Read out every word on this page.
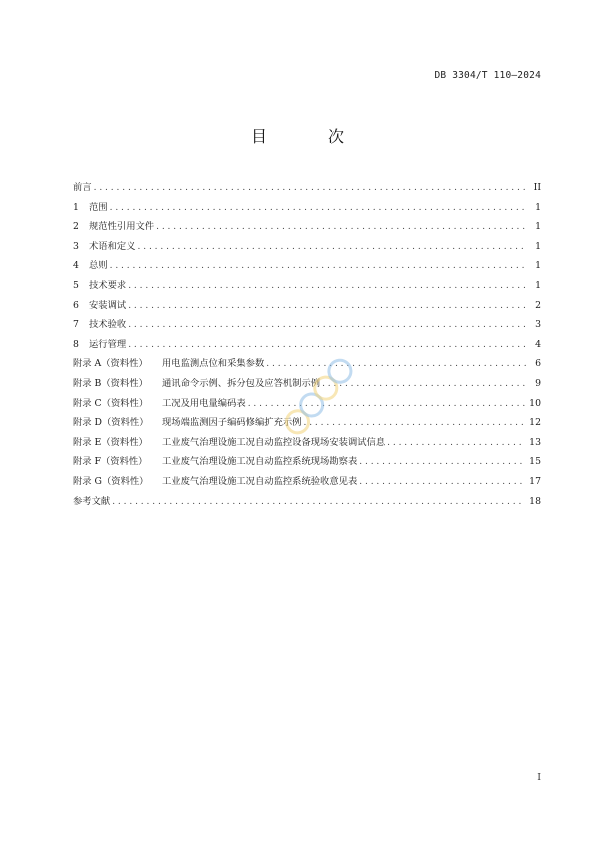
DB 3304/T 110—2024
目 次
前言 . . .	II
1	范围 . . .	1
2	规范性引用文件 . . .	1
3	术语和定义 . . .	1
4	总则 . . .	1
5	技术要求 . . .	1
6	安装调试 . . .	2
7	技术验收 . . .	3
8	运行管理 . . .	4
附录 A（资料性）	用电监测点位和采集参数 . . .	6
附录 B（资料性）	通讯命令示例、拆分包及应答机制示例 . . .	9
附录 C（资料性）	工况及用电量编码表 . . .	10
附录 D（资料性）	现场端监测因子编码修编扩充示例 . . .	12
附录 E（资料性）	工业废气治理设施工况自动监控设备现场安装调试信息 . . .	13
附录 F（资料性）	工业废气治理设施工况自动监控系统现场勘察表 . . .	15
附录 G（资料性）	工业废气治理设施工况自动监控系统验收意见表 . . .	17
参考文献 . . .	18
I
